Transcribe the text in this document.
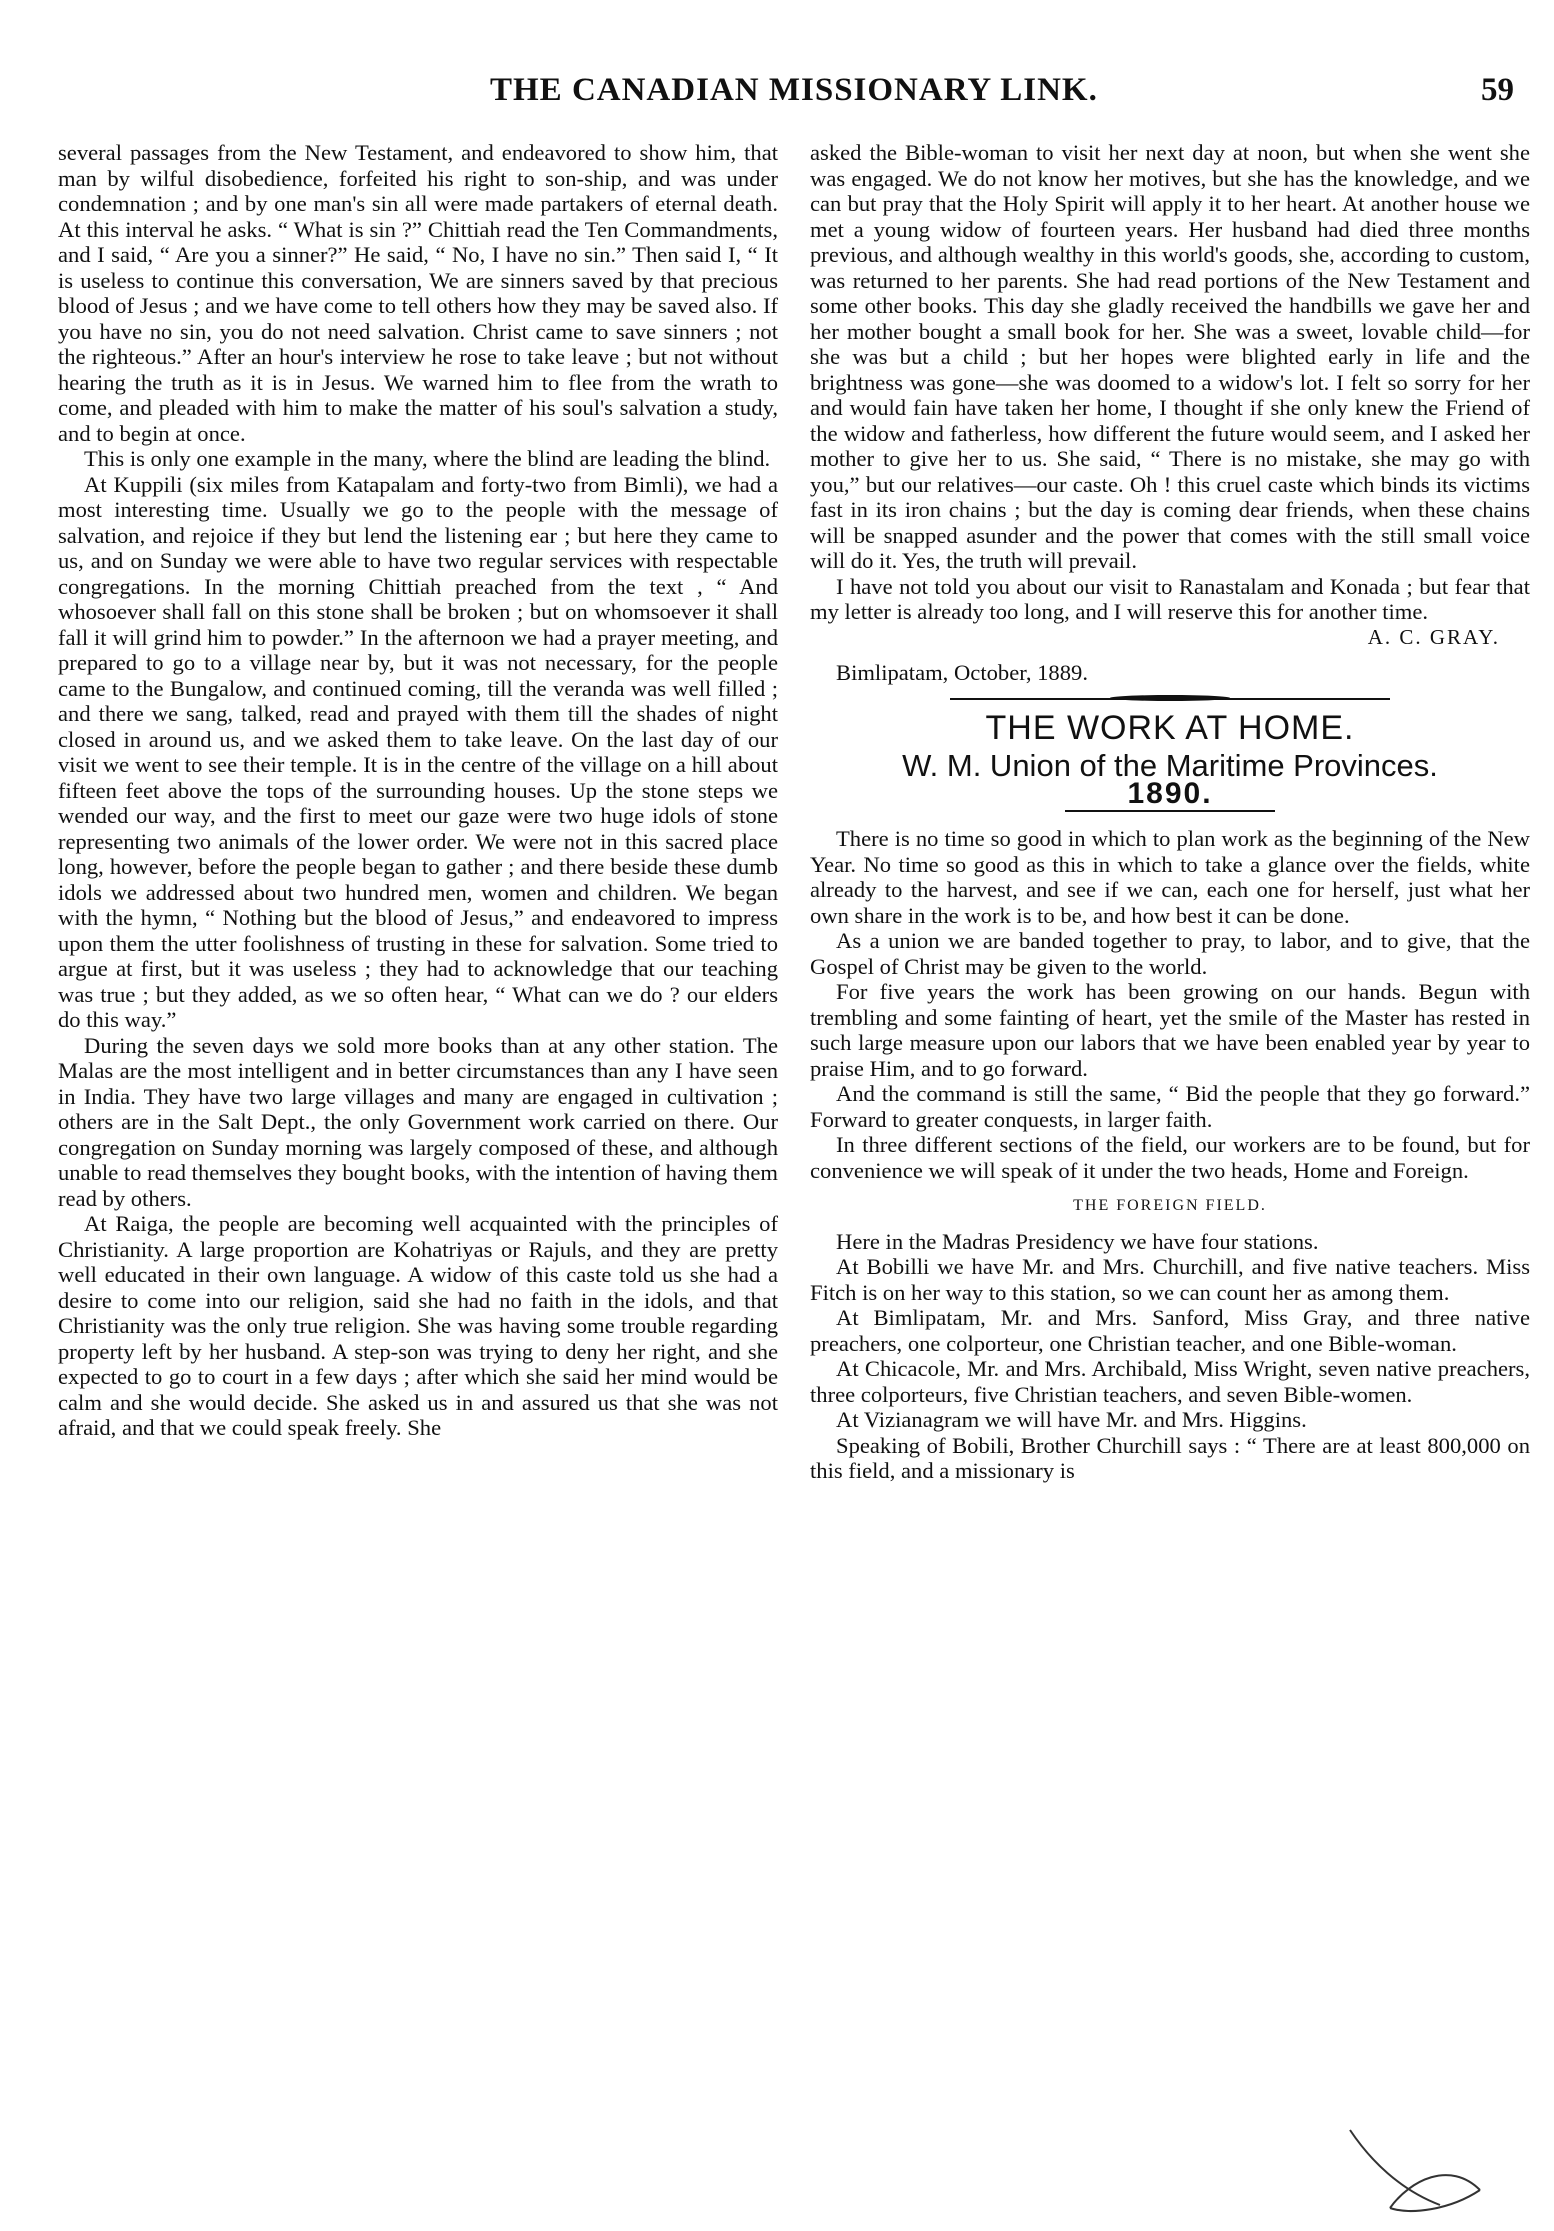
THE CANADIAN MISSIONARY LINK.	59

several passages from the New Testament, and endeavored to show him, that man by wilful disobedience, forfeited his right to son-ship, and was under condemnation ; and by one man's sin all were made partakers of eternal death. At this interval he asks. “ What is sin ?” Chittiah read the Ten Commandments, and I said, “ Are you a sinner?” He said, “ No, I have no sin.” Then said I, “ It is useless to continue this conversation, We are sinners saved by that precious blood of Jesus ; and we have come to tell others how they may be saved also. If you have no sin, you do not need salvation. Christ came to save sinners ; not the righteous.” After an hour's interview he rose to take leave ; but not without hearing the truth as it is in Jesus. We warned him to flee from the wrath to come, and pleaded with him to make the matter of his soul's salvation a study, and to begin at once.

This is only one example in the many, where the blind are leading the blind.

At Kuppili (six miles from Katapalam and forty-two from Bimli), we had a most interesting time. Usually we go to the people with the message of salvation, and rejoice if they but lend the listening ear ; but here they came to us, and on Sunday we were able to have two regular services with respectable congregations. In the morning Chittiah preached from the text , “ And whosoever shall fall on this stone shall be broken ; but on whomsoever it shall fall it will grind him to powder.” In the afternoon we had a prayer meeting, and prepared to go to a village near by, but it was not necessary, for the people came to the Bungalow, and continued coming, till the veranda was well filled ; and there we sang, talked, read and prayed with them till the shades of night closed in around us, and we asked them to take leave. On the last day of our visit we went to see their temple. It is in the centre of the village on a hill about fifteen feet above the tops of the surrounding houses. Up the stone steps we wended our way, and the first to meet our gaze were two huge idols of stone representing two animals of the lower order. We were not in this sacred place long, however, before the people began to gather ; and there beside these dumb idols we addressed about two hundred men, women and children. We began with the hymn, “ Nothing but the blood of Jesus,” and endeavored to impress upon them the utter foolishness of trusting in these for salvation. Some tried to argue at first, but it was useless ; they had to acknowledge that our teaching was true ; but they added, as we so often hear, “ What can we do ? our elders do this way.”

During the seven days we sold more books than at any other station. The Malas are the most intelligent and in better circumstances than any I have seen in India. They have two large villages and many are engaged in cultivation ; others are in the Salt Dept., the only Government work carried on there. Our congregation on Sunday morning was largely composed of these, and although unable to read themselves they bought books, with the intention of having them read by others.

At Raiga, the people are becoming well acquainted with the principles of Christianity. A large proportion are Kohatriyas or Rajuls, and they are pretty well educated in their own language. A widow of this caste told us she had a desire to come into our religion, said she had no faith in the idols, and that Christianity was the only true religion. She was having some trouble regarding property left by her husband. A step-son was trying to deny her right, and she expected to go to court in a few days ; after which she said her mind would be calm and she would decide. She asked us in and assured us that she was not afraid, and that we could speak freely. She

asked the Bible-woman to visit her next day at noon, but when she went she was engaged. We do not know her motives, but she has the knowledge, and we can but pray that the Holy Spirit will apply it to her heart. At another house we met a young widow of fourteen years. Her husband had died three months previous, and although wealthy in this world's goods, she, according to custom, was returned to her parents. She had read portions of the New Testament and some other books. This day she gladly received the handbills we gave her and her mother bought a small book for her. She was a sweet, lovable child—for she was but a child ; but her hopes were blighted early in life and the brightness was gone—she was doomed to a widow's lot. I felt so sorry for her and would fain have taken her home, I thought if she only knew the Friend of the widow and fatherless, how different the future would seem, and I asked her mother to give her to us. She said, “ There is no mistake, she may go with you,” but our relatives—our caste. Oh ! this cruel caste which binds its victims fast in its iron chains ; but the day is coming dear friends, when these chains will be snapped asunder and the power that comes with the still small voice will do it. Yes, the truth will prevail.

I have not told you about our visit to Ranastalam and Konada ; but fear that my letter is already too long, and I will reserve this for another time.

A. C. GRAY.
Bimlipatam, October, 1889.
THE WORK AT HOME.
W. M. Union of the Maritime Provinces.
1890.

There is no time so good in which to plan work as the beginning of the New Year. No time so good as this in which to take a glance over the fields, white already to the harvest, and see if we can, each one for herself, just what her own share in the work is to be, and how best it can be done.

As a union we are banded together to pray, to labor, and to give, that the Gospel of Christ may be given to the world.

For five years the work has been growing on our hands. Begun with trembling and some fainting of heart, yet the smile of the Master has rested in such large measure upon our labors that we have been enabled year by year to praise Him, and to go forward.

And the command is still the same, “ Bid the people that they go forward.” Forward to greater conquests, in larger faith.

In three different sections of the field, our workers are to be found, but for convenience we will speak of it under the two heads, Home and Foreign.

THE FOREIGN FIELD.

Here in the Madras Presidency we have four stations.

At Bobilli we have Mr. and Mrs. Churchill, and five native teachers. Miss Fitch is on her way to this station, so we can count her as among them.

At Bimlipatam, Mr. and Mrs. Sanford, Miss Gray, and three native preachers, one colporteur, one Christian teacher, and one Bible-woman.

At Chicacole, Mr. and Mrs. Archibald, Miss Wright, seven native preachers, three colporteurs, five Christian teachers, and seven Bible-women.

At Vizianagram we will have Mr. and Mrs. Higgins.

Speaking of Bobili, Brother Churchill says : “ There are at least 800,000 on this field, and a missionary is
